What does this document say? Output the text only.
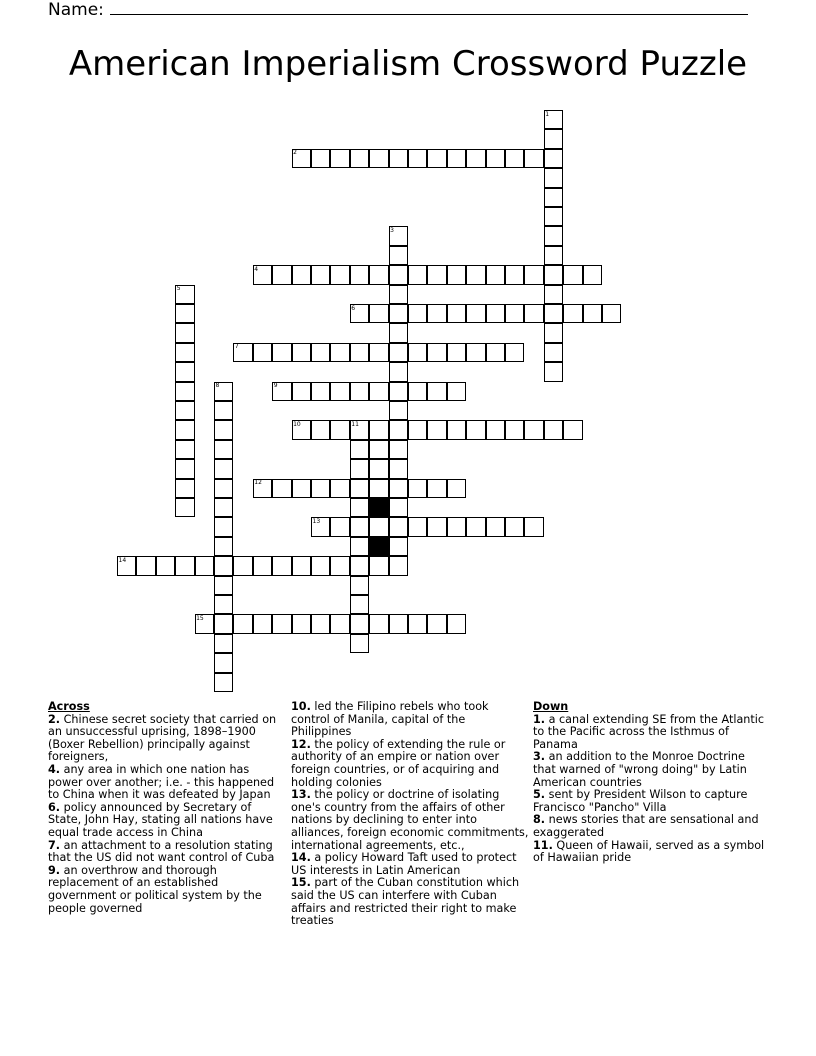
Name:
American Imperialism Crossword Puzzle
1
2
3
4
5
6
7
8	9
10	11
12
13
14
15
Across
2. Chinese secret society that carried on an unsuccessful uprising, 1898–1900 (Boxer Rebellion) principally against foreigners,
4. any area in which one nation has power over another; i.e. - this happened to China when it was defeated by Japan
6. policy announced by Secretary of State, John Hay, stating all nations have equal trade access in China
7. an attachment to a resolution stating that the US did not want control of Cuba
9. an overthrow and thorough replacement of an established government or political system by the people governed
10. led the Filipino rebels who took control of Manila, capital of the Philippines
12. the policy of extending the rule or authority of an empire or nation over foreign countries, or of acquiring and holding colonies
13. the policy or doctrine of isolating one's country from the affairs of other nations by declining to enter into alliances, foreign economic commitments, international agreements, etc.,
14. a policy Howard Taft used to protect US interests in Latin American
15. part of the Cuban constitution which said the US can interfere with Cuban affairs and restricted their right to make treaties
Down
1. a canal extending SE from the Atlantic to the Pacific across the Isthmus of Panama
3. an addition to the Monroe Doctrine that warned of "wrong doing" by Latin American countries
5. sent by President Wilson to capture Francisco "Pancho" Villa
8. news stories that are sensational and exaggerated
11. Queen of Hawaii, served as a symbol of Hawaiian pride
